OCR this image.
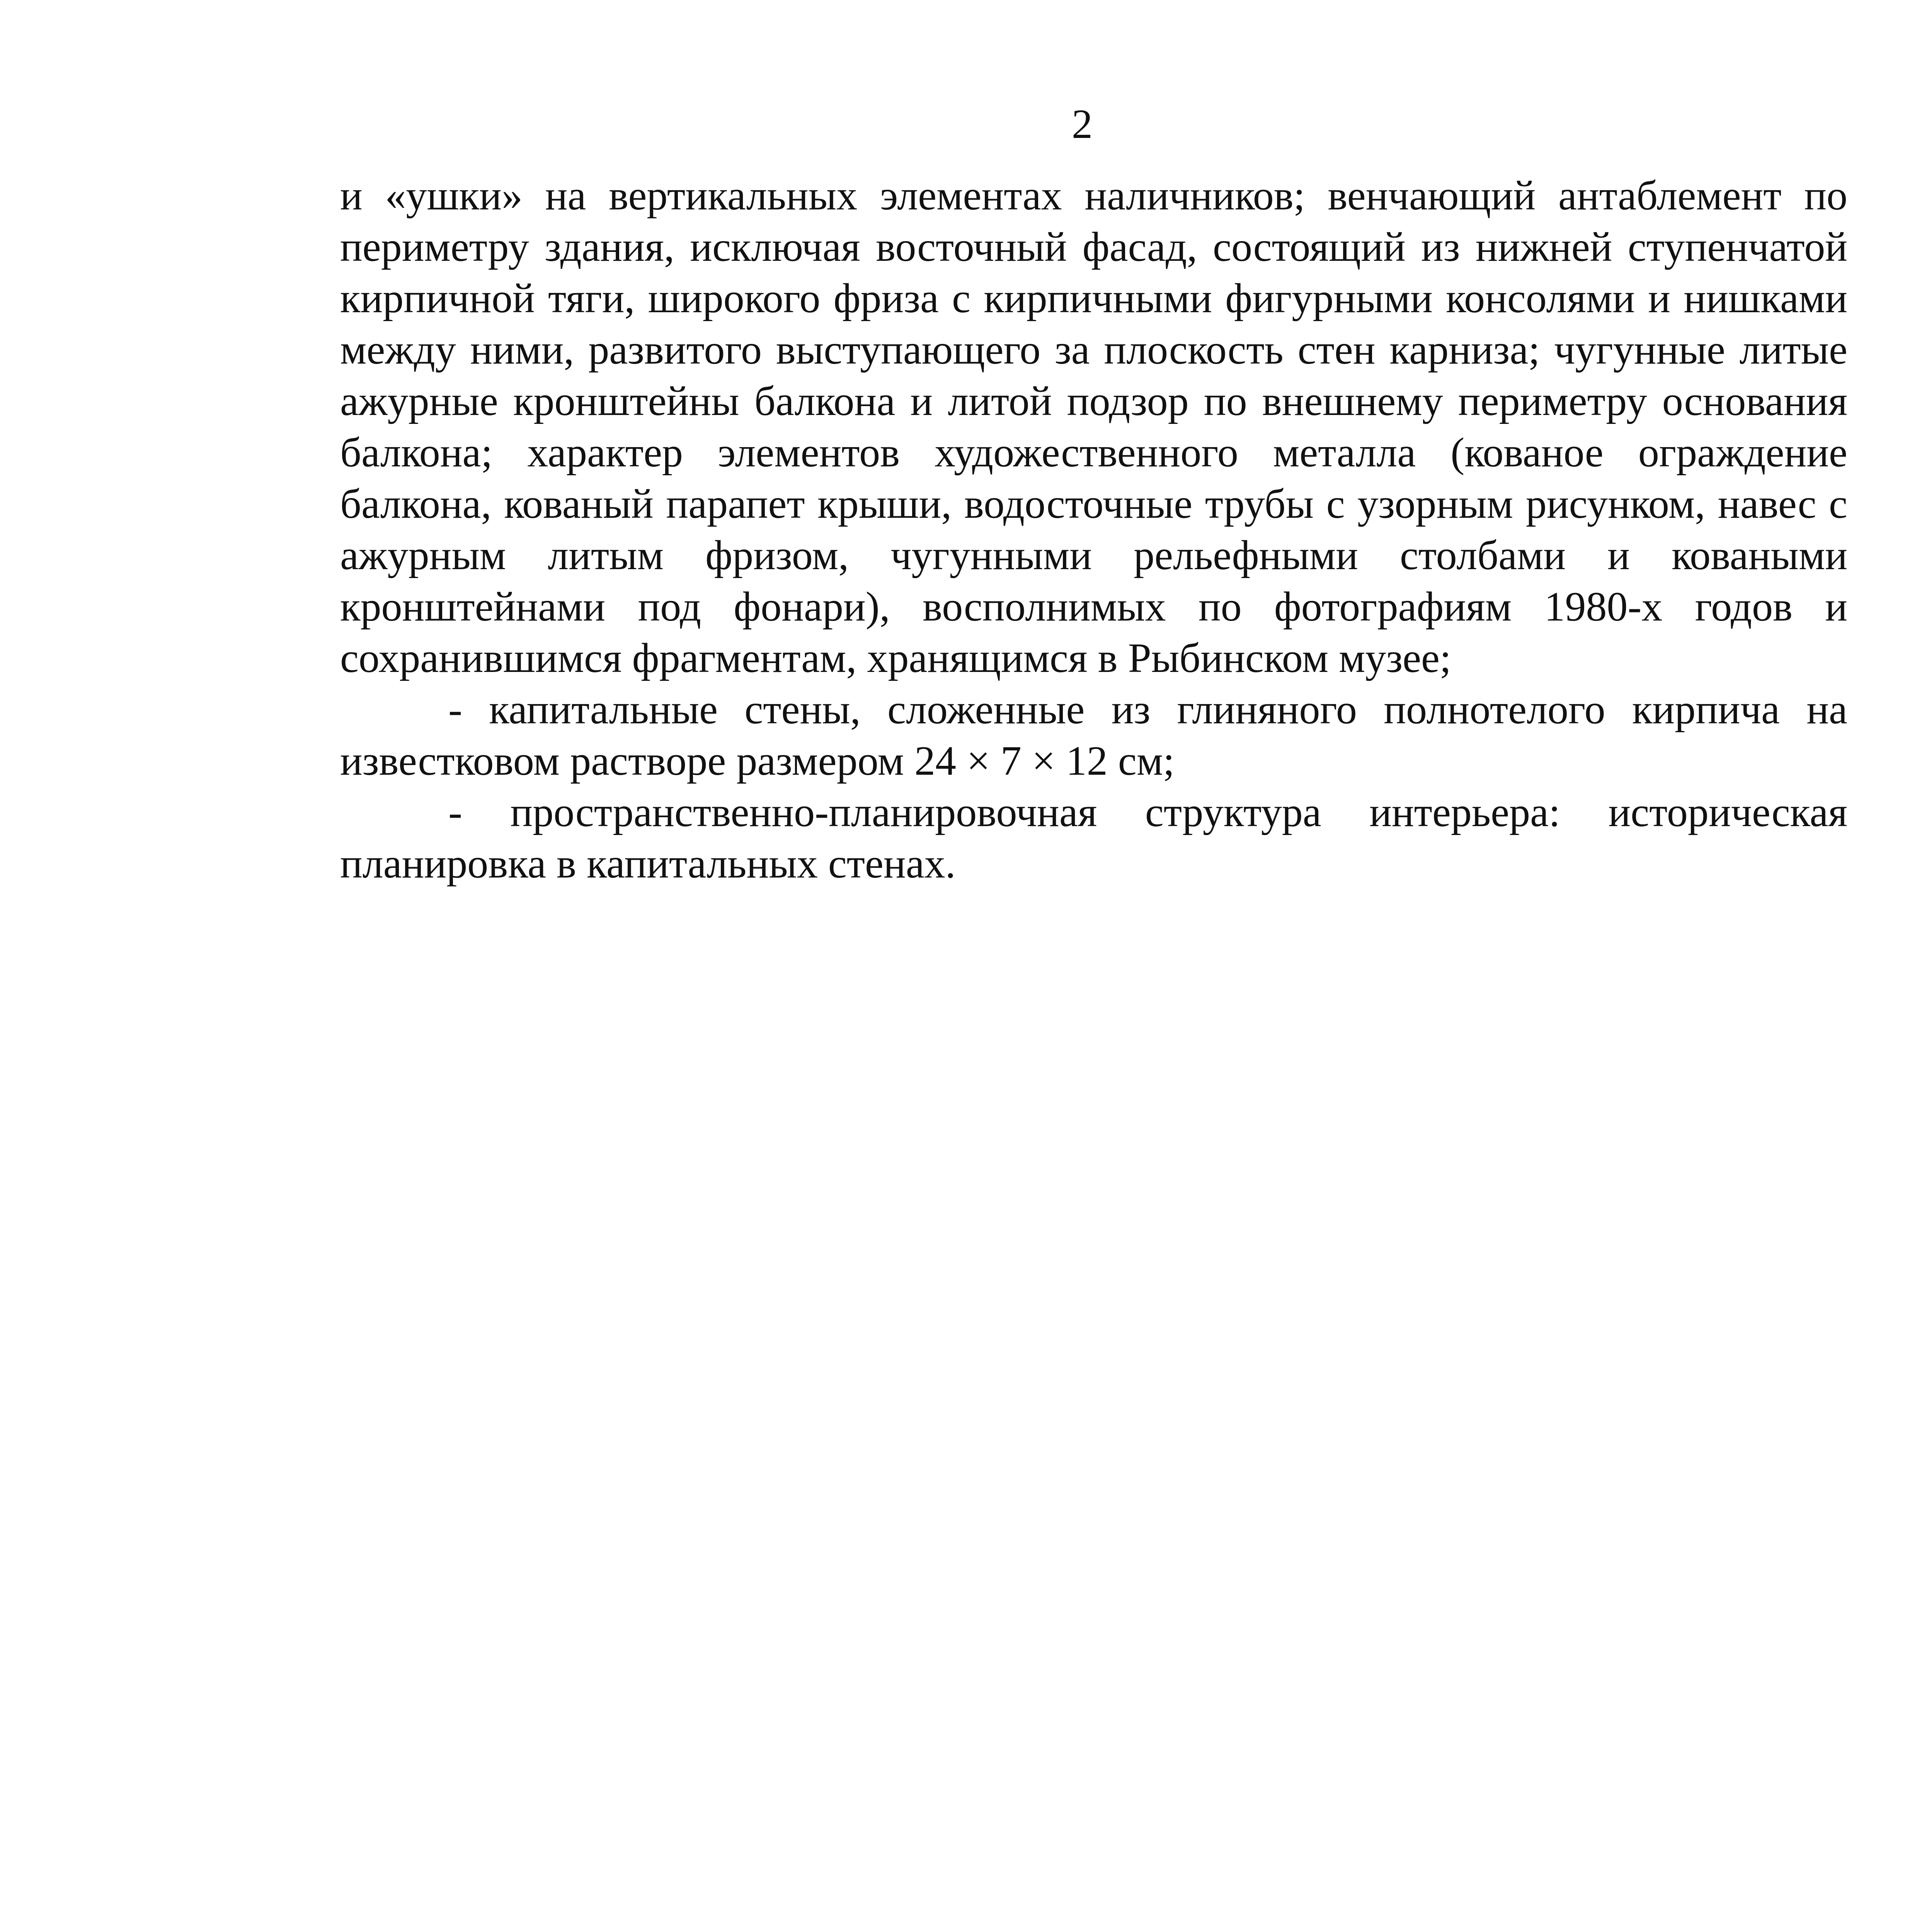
2

и «ушки» на вертикальных элементах наличников; венчающий антаблемент по периметру здания, исключая восточный фасад, состоящий из нижней ступенчатой кирпичной тяги, широкого фриза с кирпичными фигурными консолями и нишками между ними, развитого выступающего за плоскость стен карниза; чугунные литые ажурные кронштейны балкона и литой подзор по внешнему периметру основания балкона; характер элементов художественного металла (кованое ограждение балкона, кованый парапет крыши, водосточные трубы с узорным рисунком, навес с ажурным литым фризом, чугунными рельефными столбами и коваными кронштейнами под фонари), восполнимых по фотографиям 1980-х годов и сохранившимся фрагментам, хранящимся в Рыбинском музее;

- капитальные стены, сложенные из глиняного полнотелого кирпича на известковом растворе размером 24 × 7 × 12 см;

- пространственно-планировочная структура интерьера: историческая планировка в капитальных стенах.
